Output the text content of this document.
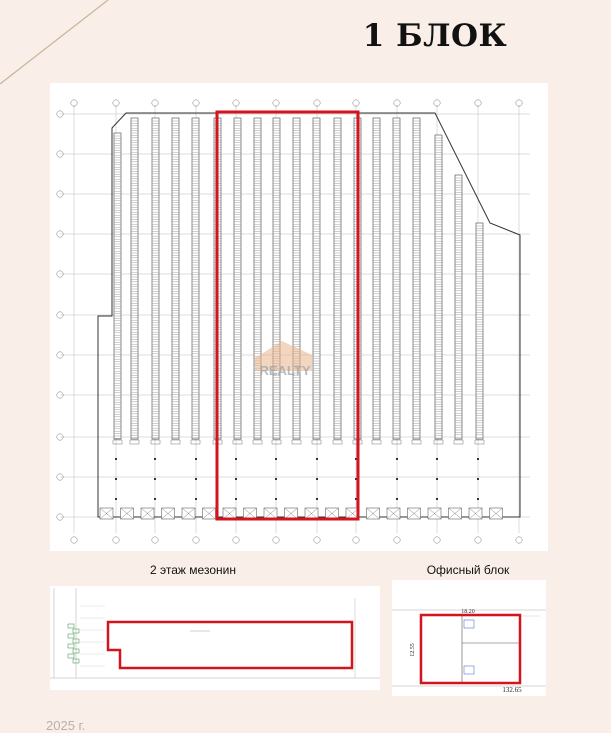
1 БЛОК
REALTY
2 этаж мезонин	Офисный блок
18.20
12.55
132.65
2025 г.
